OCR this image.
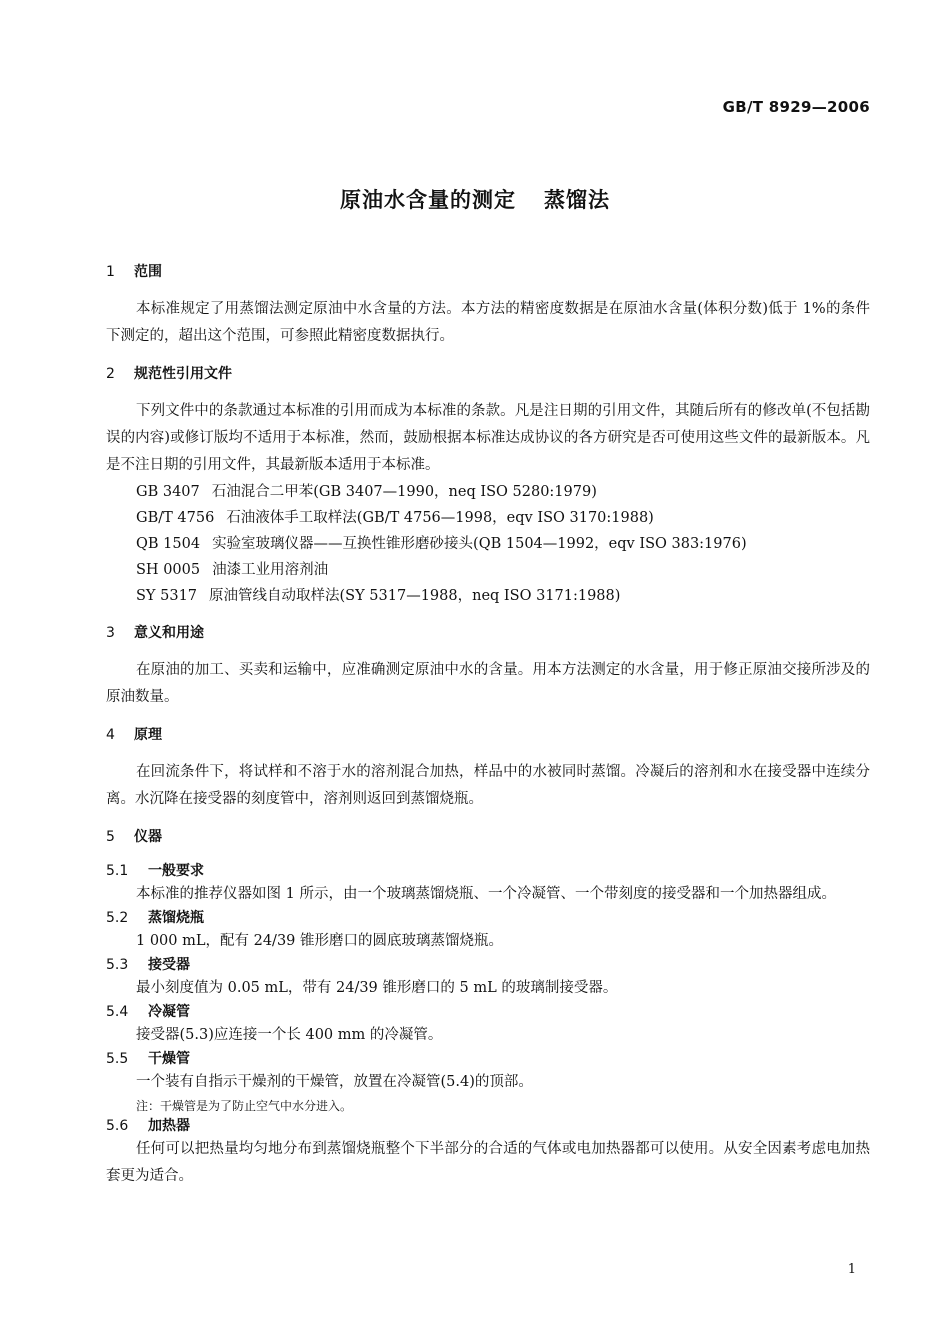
GB/T 8929—2006
原油水含量的测定 蒸馏法
1 范围

本标准规定了用蒸馏法测定原油中水含量的方法。本方法的精密度数据是在原油水含量(体积分数)低于 1%的条件下测定的，超出这个范围，可参照此精密度数据执行。

2 规范性引用文件

下列文件中的条款通过本标准的引用而成为本标准的条款。凡是注日期的引用文件，其随后所有的修改单(不包括勘误的内容)或修订版均不适用于本标准，然而，鼓励根据本标准达成协议的各方研究是否可使用这些文件的最新版本。凡是不注日期的引用文件，其最新版本适用于本标准。

GB 3407 石油混合二甲苯(GB 3407—1990，neq ISO 5280:1979)
GB/T 4756 石油液体手工取样法(GB/T 4756—1998，eqv ISO 3170:1988)
QB 1504 实验室玻璃仪器——互换性锥形磨砂接头(QB 1504—1992，eqv ISO 383:1976)
SH 0005 油漆工业用溶剂油
SY 5317 原油管线自动取样法(SY 5317—1988，neq ISO 3171:1988)
3 意义和用途

在原油的加工、买卖和运输中，应准确测定原油中水的含量。用本方法测定的水含量，用于修正原油交接所涉及的原油数量。

4 原理

在回流条件下，将试样和不溶于水的溶剂混合加热，样品中的水被同时蒸馏。冷凝后的溶剂和水在接受器中连续分离。水沉降在接受器的刻度管中，溶剂则返回到蒸馏烧瓶。

5 仪器
5.1 一般要求

本标准的推荐仪器如图 1 所示，由一个玻璃蒸馏烧瓶、一个冷凝管、一个带刻度的接受器和一个加热器组成。

5.2 蒸馏烧瓶

1 000 mL，配有 24/39 锥形磨口的圆底玻璃蒸馏烧瓶。

5.3 接受器

最小刻度值为 0.05 mL，带有 24/39 锥形磨口的 5 mL 的玻璃制接受器。

5.4 冷凝管

接受器(5.3)应连接一个长 400 mm 的冷凝管。

5.5 干燥管

一个装有自指示干燥剂的干燥管，放置在冷凝管(5.4)的顶部。

注：干燥管是为了防止空气中水分进入。

5.6 加热器

任何可以把热量均匀地分布到蒸馏烧瓶整个下半部分的合适的气体或电加热器都可以使用。从安全因素考虑电加热套更为适合。

1
